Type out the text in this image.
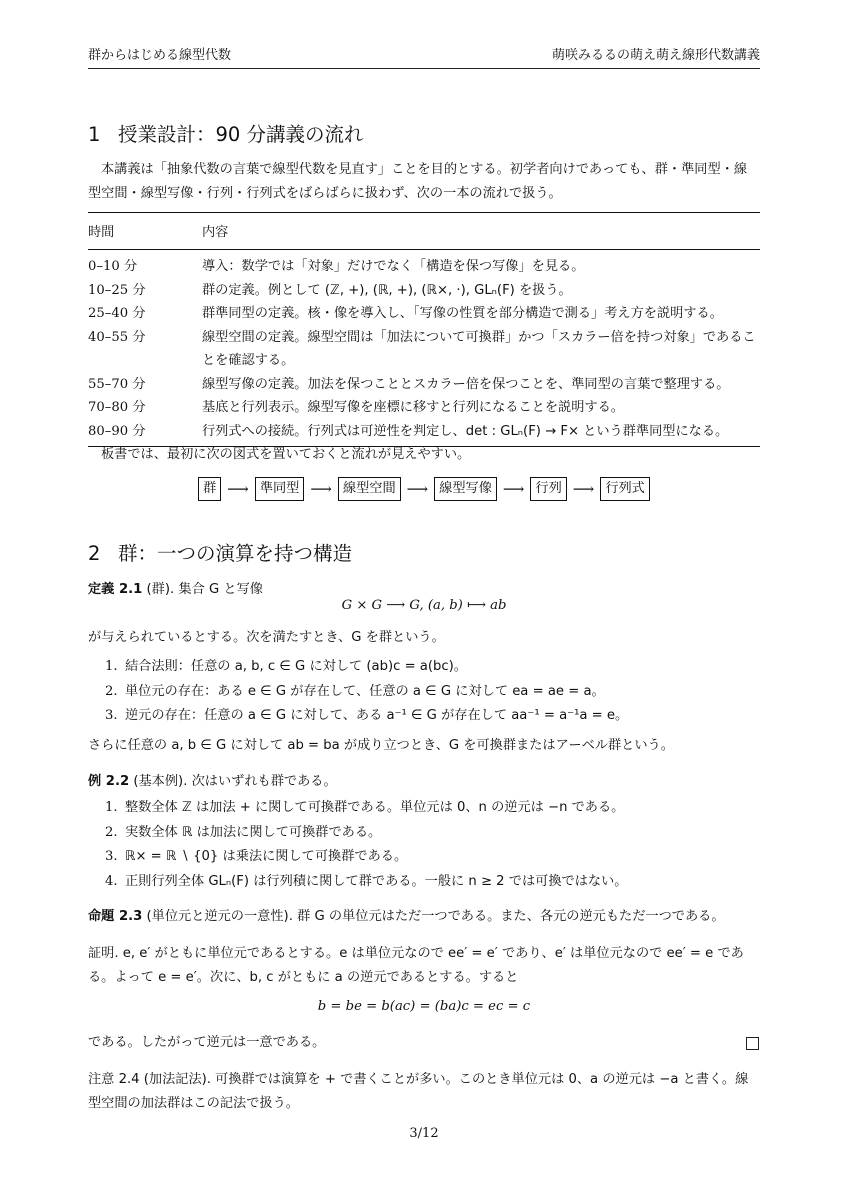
群からはじめる線型代数	萌咲みるるの萌え萌え線形代数講義
1 授業設計：90 分講義の流れ

本講義は「抽象代数の言葉で線型代数を見直す」ことを目的とする。初学者向けであっても、群・準同型・線型空間・線型写像・行列・行列式をばらばらに扱わず、次の一本の流れで扱う。

時間	内容
0–10 分	導入：数学では「対象」だけでなく「構造を保つ写像」を見る。
10–25 分	群の定義。例として (ℤ, +), (ℝ, +), (ℝ×, ·), GLₙ(F) を扱う。
25–40 分	群準同型の定義。核・像を導入し、「写像の性質を部分構造で測る」考え方を説明する。
40–55 分	線型空間の定義。線型空間は「加法について可換群」かつ「スカラー倍を持つ対象」であることを確認する。
55–70 分	線型写像の定義。加法を保つこととスカラー倍を保つことを、準同型の言葉で整理する。
70–80 分	基底と行列表示。線型写像を座標に移すと行列になることを説明する。
80–90 分	行列式への接続。行列式は可逆性を判定し、det : GLₙ(F) → F× という群準同型になる。

板書では、最初に次の図式を置いておくと流れが見えやすい。

群 ⟶ 準同型 ⟶ 線型空間 ⟶ 線型写像 ⟶ 行列 ⟶ 行列式
2 群：一つの演算を持つ構造

定義 2.1 (群). 集合 G と写像

G × G ⟶ G, (a, b) ⟼ ab

が与えられているとする。次を満たすとき、G を群という。

1. 結合法則：任意の a, b, c ∈ G に対して (ab)c = a(bc)。
2. 単位元の存在：ある e ∈ G が存在して、任意の a ∈ G に対して ea = ae = a。
3. 逆元の存在：任意の a ∈ G に対して、ある a⁻¹ ∈ G が存在して aa⁻¹ = a⁻¹a = e。

さらに任意の a, b ∈ G に対して ab = ba が成り立つとき、G を可換群またはアーベル群という。

例 2.2 (基本例). 次はいずれも群である。

1. 整数全体 ℤ は加法 + に関して可換群である。単位元は 0、n の逆元は −n である。
2. 実数全体 ℝ は加法に関して可換群である。
3. ℝ× = ℝ ∖ {0} は乗法に関して可換群である。
4. 正則行列全体 GLₙ(F) は行列積に関して群である。一般に n ≥ 2 では可換ではない。

命題 2.3 (単位元と逆元の一意性). 群 G の単位元はただ一つである。また、各元の逆元もただ一つである。

証明. e, e′ がともに単位元であるとする。e は単位元なので ee′ = e′ であり、e′ は単位元なので ee′ = e である。よって e = e′。次に、b, c がともに a の逆元であるとする。すると

b = be = b(ac) = (ba)c = ec = c

である。したがって逆元は一意である。

注意 2.4 (加法記法). 可換群では演算を + で書くことが多い。このとき単位元は 0、a の逆元は −a と書く。線型空間の加法群はこの記法で扱う。

3/12
